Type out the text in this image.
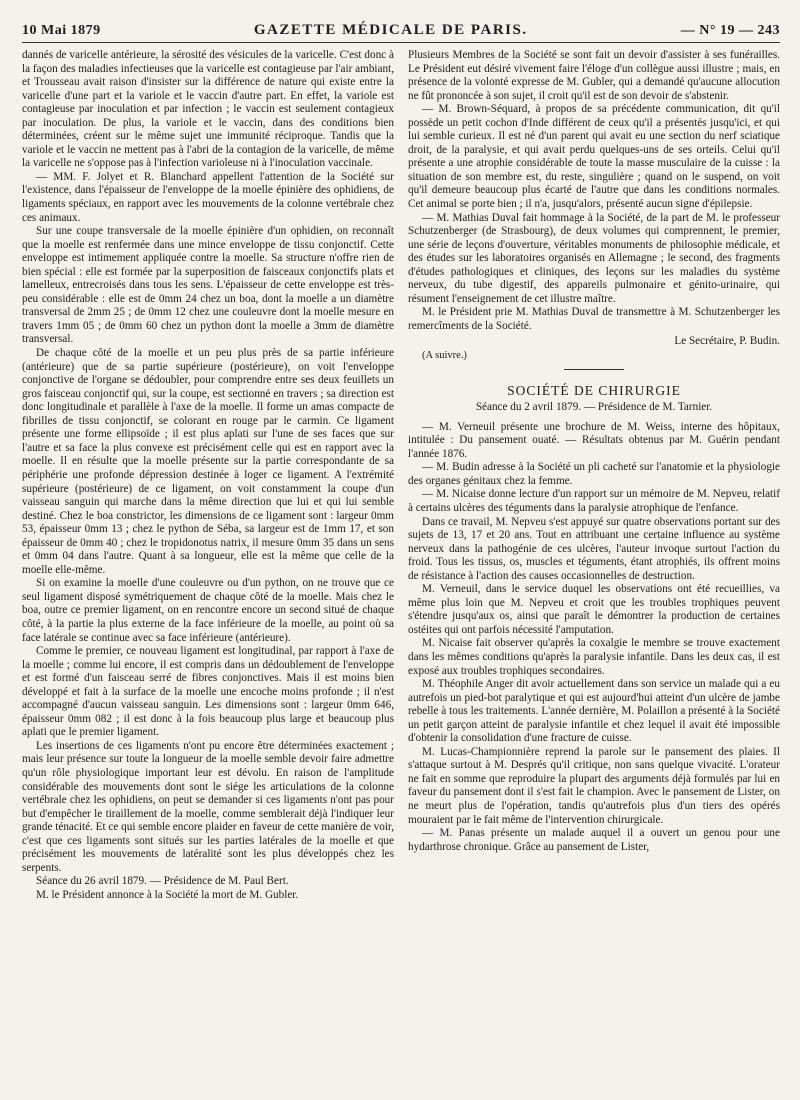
10 Mai 1879	GAZETTE MÉDICALE DE PARIS.	— N° 19 — 243

dannés de varicelle antérieure, la sérosité des vésicules de la varicelle. C'est donc à la façon des maladies infectieuses que la varicelle est contagieuse par l'air ambiant, et Trousseau avait raison d'insister sur la différence de nature qui existe entre la varicelle d'une part et la variole et le vaccin d'autre part. En effet, la variole est contagieuse par inoculation et par infection ; le vaccin est seulement contagieux par inoculation. De plus, la variole et le vaccin, dans des conditions bien déterminées, créent sur le même sujet une immunité réciproque. Tandis que la variole et le vaccin ne mettent pas à l'abri de la contagion de la varicelle, de même la varicelle ne s'oppose pas à l'infection varioleuse ni à l'inoculation vaccinale.

— MM. F. Jolyet et R. Blanchard appellent l'attention de la Société sur l'existence, dans l'épaisseur de l'enveloppe de la moelle épinière des ophidiens, de ligaments spéciaux, en rapport avec les mouvements de la colonne vertébrale chez ces animaux.

Sur une coupe transversale de la moelle épinière d'un ophidien, on reconnaît que la moelle est renfermée dans une mince enveloppe de tissu conjonctif. Cette enveloppe est intimement appliquée contre la moelle. Sa structure n'offre rien de bien spécial : elle est formée par la superposition de faisceaux conjonctifs plats et lamelleux, entrecroisés dans tous les sens. L'épaisseur de cette enveloppe est très-peu considérable : elle est de 0mm 24 chez un boa, dont la moelle a un diamètre transversal de 2mm 25 ; de 0mm 12 chez une couleuvre dont la moelle mesure en travers 1mm 05 ; de 0mm 60 chez un python dont la moelle a 3mm de diamètre transversal.

De chaque côté de la moelle et un peu plus près de sa partie inférieure (antérieure) que de sa partie supérieure (postérieure), on voit l'enveloppe conjonctive de l'organe se dédoubler, pour comprendre entre ses deux feuillets un gros faisceau conjonctif qui, sur la coupe, est sectionné en travers ; sa direction est donc longitudinale et parallèle à l'axe de la moelle. Il forme un amas compacte de fibrilles de tissu conjonctif, se colorant en rouge par le carmin. Ce ligament présente une forme ellipsoïde ; il est plus aplati sur l'une de ses faces que sur l'autre et sa face la plus convexe est précisément celle qui est en rapport avec la moelle. Il en résulte que la moelle présente sur la partie correspondante de sa périphérie une profonde dépression destinée à loger ce ligament. A l'extrémité supérieure (postérieure) de ce ligament, on voit constamment la coupe d'un vaisseau sanguin qui marche dans la même direction que lui et qui lui semble destiné. Chez le boa constrictor, les dimensions de ce ligament sont : largeur 0mm 53, épaisseur 0mm 13 ; chez le python de Séba, sa largeur est de 1mm 17, et son épaisseur de 0mm 40 ; chez le tropidonotus natrix, il mesure 0mm 35 dans un sens et 0mm 04 dans l'autre. Quant à sa longueur, elle est la même que celle de la moelle elle-même.

Si on examine la moelle d'une couleuvre ou d'un python, on ne trouve que ce seul ligament disposé symétriquement de chaque côté de la moelle. Mais chez le boa, outre ce premier ligament, on en rencontre encore un second situé de chaque côté, à la partie la plus externe de la face inférieure de la moelle, au point où sa face latérale se continue avec sa face inférieure (antérieure).

Comme le premier, ce nouveau ligament est longitudinal, par rapport à l'axe de la moelle ; comme lui encore, il est compris dans un dédoublement de l'enveloppe et est formé d'un faisceau serré de fibres conjonctives. Mais il est moins bien développé et fait à la surface de la moelle une encoche moins profonde ; il n'est accompagné d'aucun vaisseau sanguin. Les dimensions sont : largeur 0mm 646, épaisseur 0mm 082 ; il est donc à la fois beaucoup plus large et beaucoup plus aplati que le premier ligament.

Les insertions de ces ligaments n'ont pu encore être déterminées exactement ; mais leur présence sur toute la longueur de la moelle semble devoir faire admettre qu'un rôle physiologique important leur est dévolu. En raison de l'amplitude considérable des mouvements dont sont le siége les articulations de la colonne vertébrale chez les ophidiens, on peut se demander si ces ligaments n'ont pas pour but d'empêcher le tiraillement de la moelle, comme semblerait déjà l'indiquer leur grande ténacité. Et ce qui semble encore plaider en faveur de cette manière de voir, c'est que ces ligaments sont situés sur les parties latérales de la moelle et que précisément les mouvements de latéralité sont les plus développés chez les serpents.

Séance du 26 avril 1879. — Présidence de M. Paul Bert.

M. le Président annonce à la Société la mort de M. Gubler.

Plusieurs Membres de la Société se sont fait un devoir d'assister à ses funérailles. Le Président eut désiré vivement faire l'éloge d'un collègue aussi illustre ; mais, en présence de la volonté expresse de M. Gubler, qui a demandé qu'aucune allocution ne fût prononcée à son sujet, il croit qu'il est de son devoir de s'abstenir.

— M. Brown-Séquard, à propos de sa précédente communication, dit qu'il possède un petit cochon d'Inde différent de ceux qu'il a présentés jusqu'ici, et qui lui semble curieux. Il est né d'un parent qui avait eu une section du nerf sciatique droit, de la paralysie, et qui avait perdu quelques-uns de ses orteils. Celui qu'il présente a une atrophie considérable de toute la masse musculaire de la cuisse : la situation de son membre est, du reste, singulière ; quand on le suspend, on voit qu'il demeure beaucoup plus écarté de l'autre que dans les conditions normales. Cet animal se porte bien ; il n'a, jusqu'alors, présenté aucun signe d'épilepsie.

— M. Mathias Duval fait hommage à la Société, de la part de M. le professeur Schutzenberger (de Strasbourg), de deux volumes qui comprennent, le premier, une série de leçons d'ouverture, véritables monuments de philosophie médicale, et des études sur les laboratoires organisés en Allemagne ; le second, des fragments d'études pathologiques et cliniques, des leçons sur les maladies du système nerveux, du tube digestif, des appareils pulmonaire et génito-urinaire, qui résument l'enseignement de cet illustre maître.

M. le Président prie M. Mathias Duval de transmettre à M. Schutzenberger les remercîments de la Société.

Le Secrétaire, P. Budin.

(A suivre.)

SOCIÉTÉ DE CHIRURGIE
Séance du 2 avril 1879. — Présidence de M. Tarnier.

— M. Verneuil présente une brochure de M. Weiss, interne des hôpitaux, intitulée : Du pansement ouaté. — Résultats obtenus par M. Guérin pendant l'année 1876.

— M. Budin adresse à la Société un pli cacheté sur l'anatomie et la physiologie des organes génitaux chez la femme.

— M. Nicaise donne lecture d'un rapport sur un mémoire de M. Nepveu, relatif à certains ulcères des téguments dans la paralysie atrophique de l'enfance.

Dans ce travail, M. Nepveu s'est appuyé sur quatre observations portant sur des sujets de 13, 17 et 20 ans. Tout en attribuant une certaine influence au système nerveux dans la pathogénie de ces ulcères, l'auteur invoque surtout l'action du froid. Tous les tissus, os, muscles et téguments, étant atrophiés, ils offrent moins de résistance à l'action des causes occasionnelles de destruction.

M. Verneuil, dans le service duquel les observations ont été recueillies, va même plus loin que M. Nepveu et croit que les troubles trophiques peuvent s'étendre jusqu'aux os, ainsi que paraît le démontrer la production de certaines ostéites qui ont parfois nécessité l'amputation.

M. Nicaise fait observer qu'après la coxalgie le membre se trouve exactement dans les mêmes conditions qu'après la paralysie infantile. Dans les deux cas, il est exposé aux troubles trophiques secondaires.

M. Théophile Anger dit avoir actuellement dans son service un malade qui a eu autrefois un pied-bot paralytique et qui est aujourd'hui atteint d'un ulcère de jambe rebelle à tous les traitements. L'année dernière, M. Polaillon a présenté à la Société un petit garçon atteint de paralysie infantile et chez lequel il avait été impossible d'obtenir la consolidation d'une fracture de cuisse.

M. Lucas-Championnière reprend la parole sur le pansement des plaies. Il s'attaque surtout à M. Després qu'il critique, non sans quelque vivacité. L'orateur ne fait en somme que reproduire la plupart des arguments déjà formulés par lui en faveur du pansement dont il s'est fait le champion. Avec le pansement de Lister, on ne meurt plus de l'opération, tandis qu'autrefois plus d'un tiers des opérés mouraient par le fait même de l'intervention chirurgicale.

— M. Panas présente un malade auquel il a ouvert un genou pour une hydarthrose chronique. Grâce au pansement de Lister,
